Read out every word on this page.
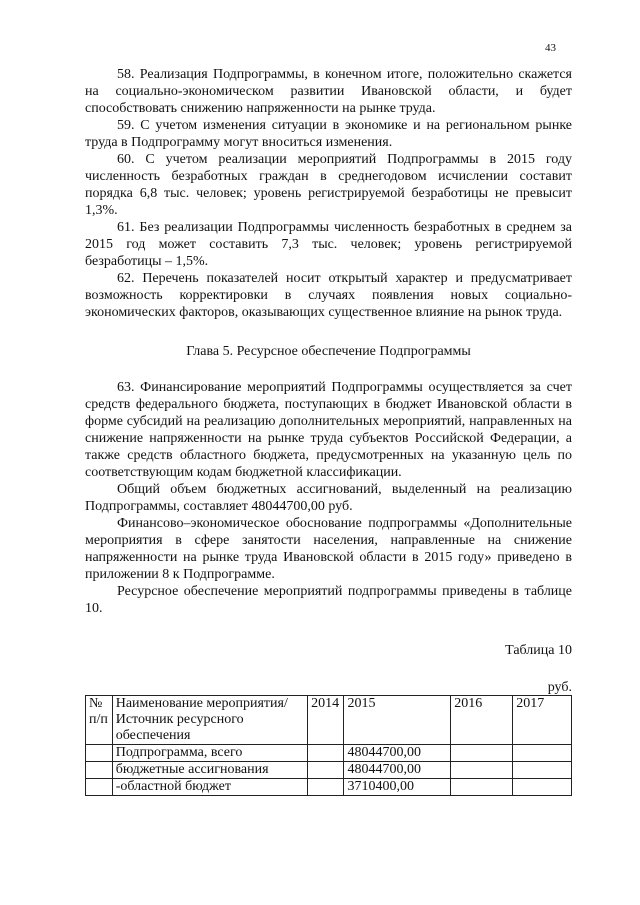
43

58. Реализация Подпрограммы, в конечном итоге, положительно скажется на социально-экономическом развитии Ивановской области, и будет способствовать снижению напряженности на рынке труда.

59. С учетом изменения ситуации в экономике и на региональном рынке труда в Подпрограмму могут вноситься изменения.

60. С учетом реализации мероприятий Подпрограммы в 2015 году численность безработных граждан в среднегодовом исчислении составит порядка 6,8 тыс. человек; уровень регистрируемой безработицы не превысит 1,3%.

61. Без реализации Подпрограммы численность безработных в среднем за 2015 год может составить 7,3 тыс. человек; уровень регистрируемой безработицы – 1,5%.

62. Перечень показателей носит открытый характер и предусматривает возможность корректировки в случаях появления новых социально-экономических факторов, оказывающих существенное влияние на рынок труда.

Глава 5. Ресурсное обеспечение Подпрограммы

63. Финансирование мероприятий Подпрограммы осуществляется за счет средств федерального бюджета, поступающих в бюджет Ивановской области в форме субсидий на реализацию дополнительных мероприятий, направленных на снижение напряженности на рынке труда субъектов Российской Федерации, а также средств областного бюджета, предусмотренных на указанную цель по соответствующим кодам бюджетной классификации.

Общий объем бюджетных ассигнований, выделенный на реализацию Подпрограммы, составляет 48044700,00 руб.

Финансово–экономическое обоснование подпрограммы «Дополнительные мероприятия в сфере занятости населения, направленные на снижение напряженности на рынке труда Ивановской области в 2015 году» приведено в приложении 8 к Подпрограмме.

Ресурсное обеспечение мероприятий подпрограммы приведены в таблице 10.

Таблица 10
руб.
№ п/п	Наименование мероприятия/ Источник ресурсного обеспечения	2014	2015	2016	2017
	Подпрограмма, всего		48044700,00		
	бюджетные ассигнования		48044700,00		
	-областной бюджет		3710400,00		
